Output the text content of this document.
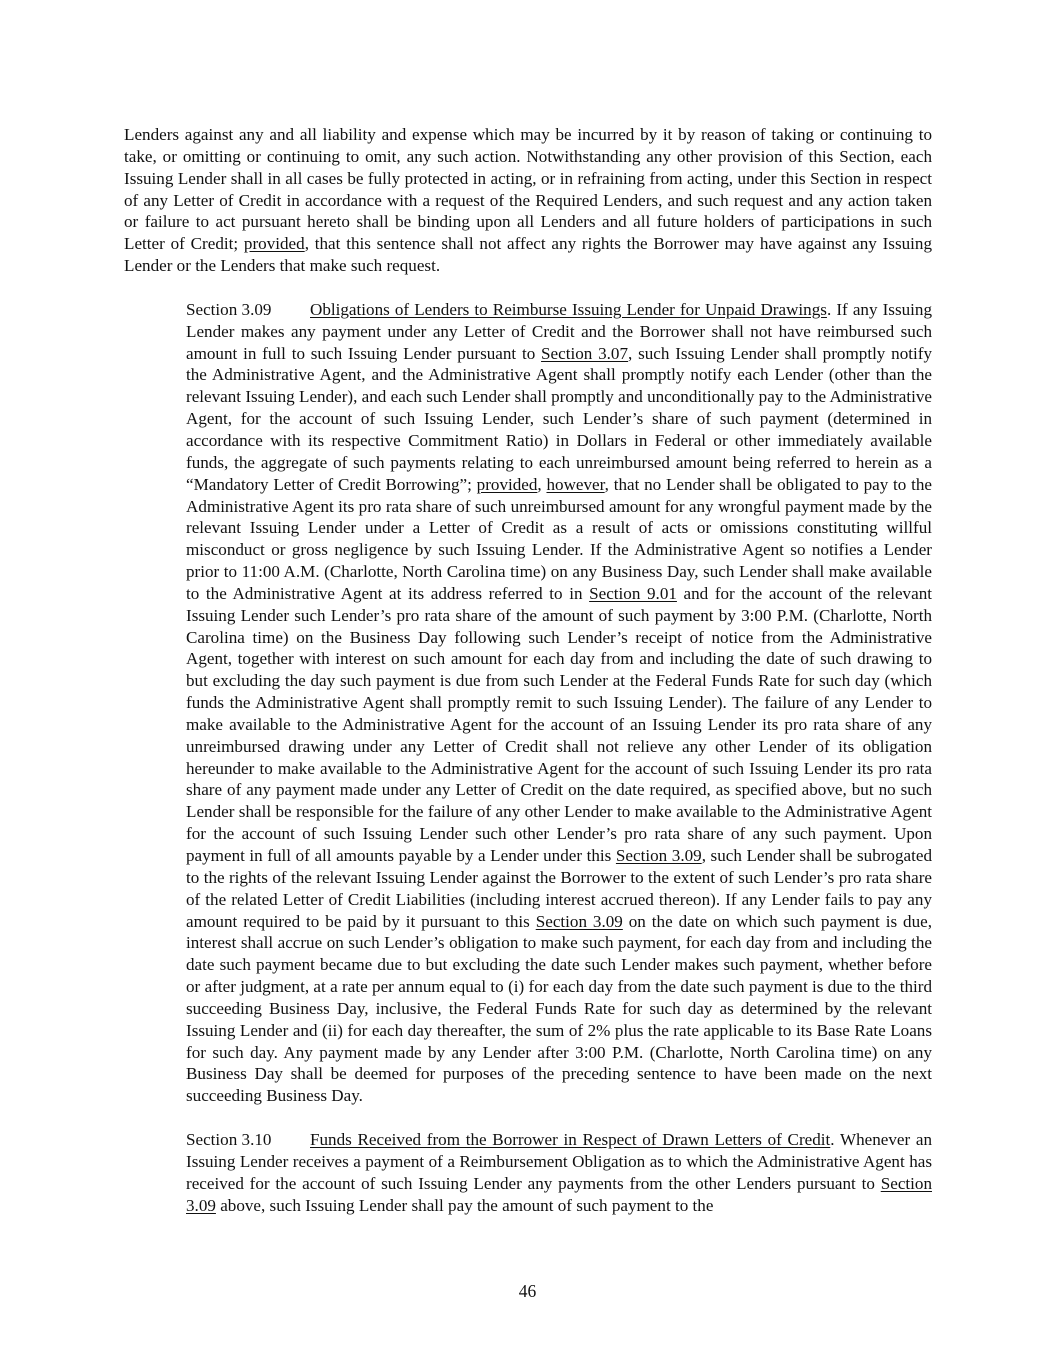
Lenders against any and all liability and expense which may be incurred by it by reason of taking or continuing to take, or omitting or continuing to omit, any such action. Notwithstanding any other provision of this Section, each Issuing Lender shall in all cases be fully protected in acting, or in refraining from acting, under this Section in respect of any Letter of Credit in accordance with a request of the Required Lenders, and such request and any action taken or failure to act pursuant hereto shall be binding upon all Lenders and all future holders of participations in such Letter of Credit; provided, that this sentence shall not affect any rights the Borrower may have against any Issuing Lender or the Lenders that make such request.

Section 3.09 Obligations of Lenders to Reimburse Issuing Lender for Unpaid Drawings. If any Issuing Lender makes any payment under any Letter of Credit and the Borrower shall not have reimbursed such amount in full to such Issuing Lender pursuant to Section 3.07, such Issuing Lender shall promptly notify the Administrative Agent, and the Administrative Agent shall promptly notify each Lender (other than the relevant Issuing Lender), and each such Lender shall promptly and unconditionally pay to the Administrative Agent, for the account of such Issuing Lender, such Lender’s share of such payment (determined in accordance with its respective Commitment Ratio) in Dollars in Federal or other immediately available funds, the aggregate of such payments relating to each unreimbursed amount being referred to herein as a “Mandatory Letter of Credit Borrowing”; provided, however, that no Lender shall be obligated to pay to the Administrative Agent its pro rata share of such unreimbursed amount for any wrongful payment made by the relevant Issuing Lender under a Letter of Credit as a result of acts or omissions constituting willful misconduct or gross negligence by such Issuing Lender. If the Administrative Agent so notifies a Lender prior to 11:00 A.M. (Charlotte, North Carolina time) on any Business Day, such Lender shall make available to the Administrative Agent at its address referred to in Section 9.01 and for the account of the relevant Issuing Lender such Lender’s pro rata share of the amount of such payment by 3:00 P.M. (Charlotte, North Carolina time) on the Business Day following such Lender’s receipt of notice from the Administrative Agent, together with interest on such amount for each day from and including the date of such drawing to but excluding the day such payment is due from such Lender at the Federal Funds Rate for such day (which funds the Administrative Agent shall promptly remit to such Issuing Lender). The failure of any Lender to make available to the Administrative Agent for the account of an Issuing Lender its pro rata share of any unreimbursed drawing under any Letter of Credit shall not relieve any other Lender of its obligation hereunder to make available to the Administrative Agent for the account of such Issuing Lender its pro rata share of any payment made under any Letter of Credit on the date required, as specified above, but no such Lender shall be responsible for the failure of any other Lender to make available to the Administrative Agent for the account of such Issuing Lender such other Lender’s pro rata share of any such payment. Upon payment in full of all amounts payable by a Lender under this Section 3.09, such Lender shall be subrogated to the rights of the relevant Issuing Lender against the Borrower to the extent of such Lender’s pro rata share of the related Letter of Credit Liabilities (including interest accrued thereon). If any Lender fails to pay any amount required to be paid by it pursuant to this Section 3.09 on the date on which such payment is due, interest shall accrue on such Lender’s obligation to make such payment, for each day from and including the date such payment became due to but excluding the date such Lender makes such payment, whether before or after judgment, at a rate per annum equal to (i) for each day from the date such payment is due to the third succeeding Business Day, inclusive, the Federal Funds Rate for such day as determined by the relevant Issuing Lender and (ii) for each day thereafter, the sum of 2% plus the rate applicable to its Base Rate Loans for such day. Any payment made by any Lender after 3:00 P.M. (Charlotte, North Carolina time) on any Business Day shall be deemed for purposes of the preceding sentence to have been made on the next succeeding Business Day.

Section 3.10 Funds Received from the Borrower in Respect of Drawn Letters of Credit. Whenever an Issuing Lender receives a payment of a Reimbursement Obligation as to which the Administrative Agent has received for the account of such Issuing Lender any payments from the other Lenders pursuant to Section 3.09 above, such Issuing Lender shall pay the amount of such payment to the

46
